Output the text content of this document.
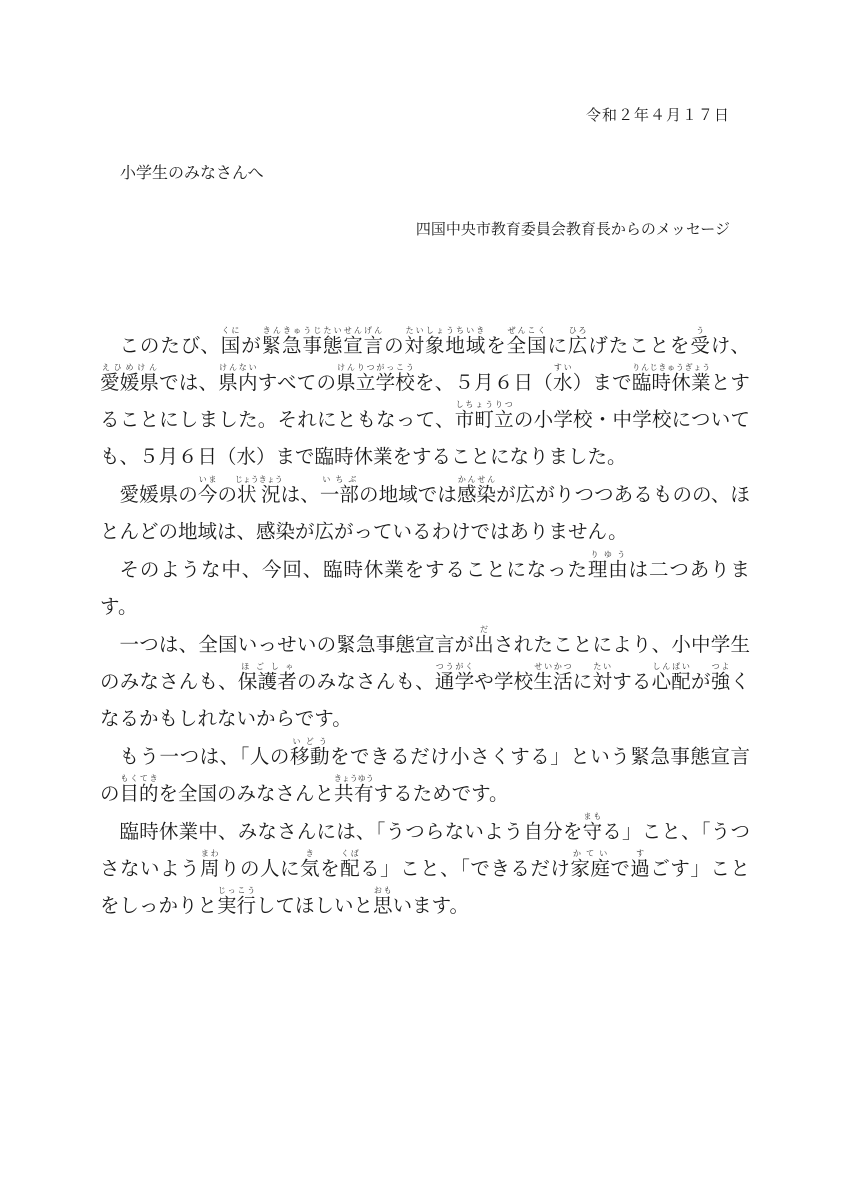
令和２年４月１７日
小学生のみなさんへ
四国中央市教育委員会教育長からのメッセージ

このたび、国くにが緊急事態宣言きんきゅうじたいせんげんの対象地域たいしょうちいきを全国ぜんこくに広ひろげたことを受うけ、愛媛県えひめけんでは、県内けんないすべての県立学校けんりつがっこうを、５月６日（水すい）まで臨時休業りんじきゅうぎょうとすることにしました。それにともなって、市町立しちょうりつの小学校・中学校についても、５月６日（水）まで臨時休業をすることになりました。

愛媛県の今いまの状況じょうきょうは、一部いちぶの地域では感染かんせんが広がりつつあるものの、ほとんどの地域は、感染が広がっているわけではありません。

そのような中、今回、臨時休業をすることになった理由りゆうは二つあります。

一つは、全国いっせいの緊急事態宣言が出だされたことにより、小中学生のみなさんも、保護者ほごしゃのみなさんも、通学つうがくや学校生活せいかつに対たいする心配しんぱいが強つよくなるかもしれないからです。

もう一つは、「人の移動いどうをできるだけ小さくする」という緊急事態宣言の目的もくてきを全国のみなさんと共有きょうゆうするためです。

臨時休業中、みなさんには、「うつらないよう自分を守まもる」こと、「うつさないよう周まわりの人に気きを配くばる」こと、「できるだけ家庭かていで過すごす」ことをしっかりと実行じっこうしてほしいと思おもいます。
